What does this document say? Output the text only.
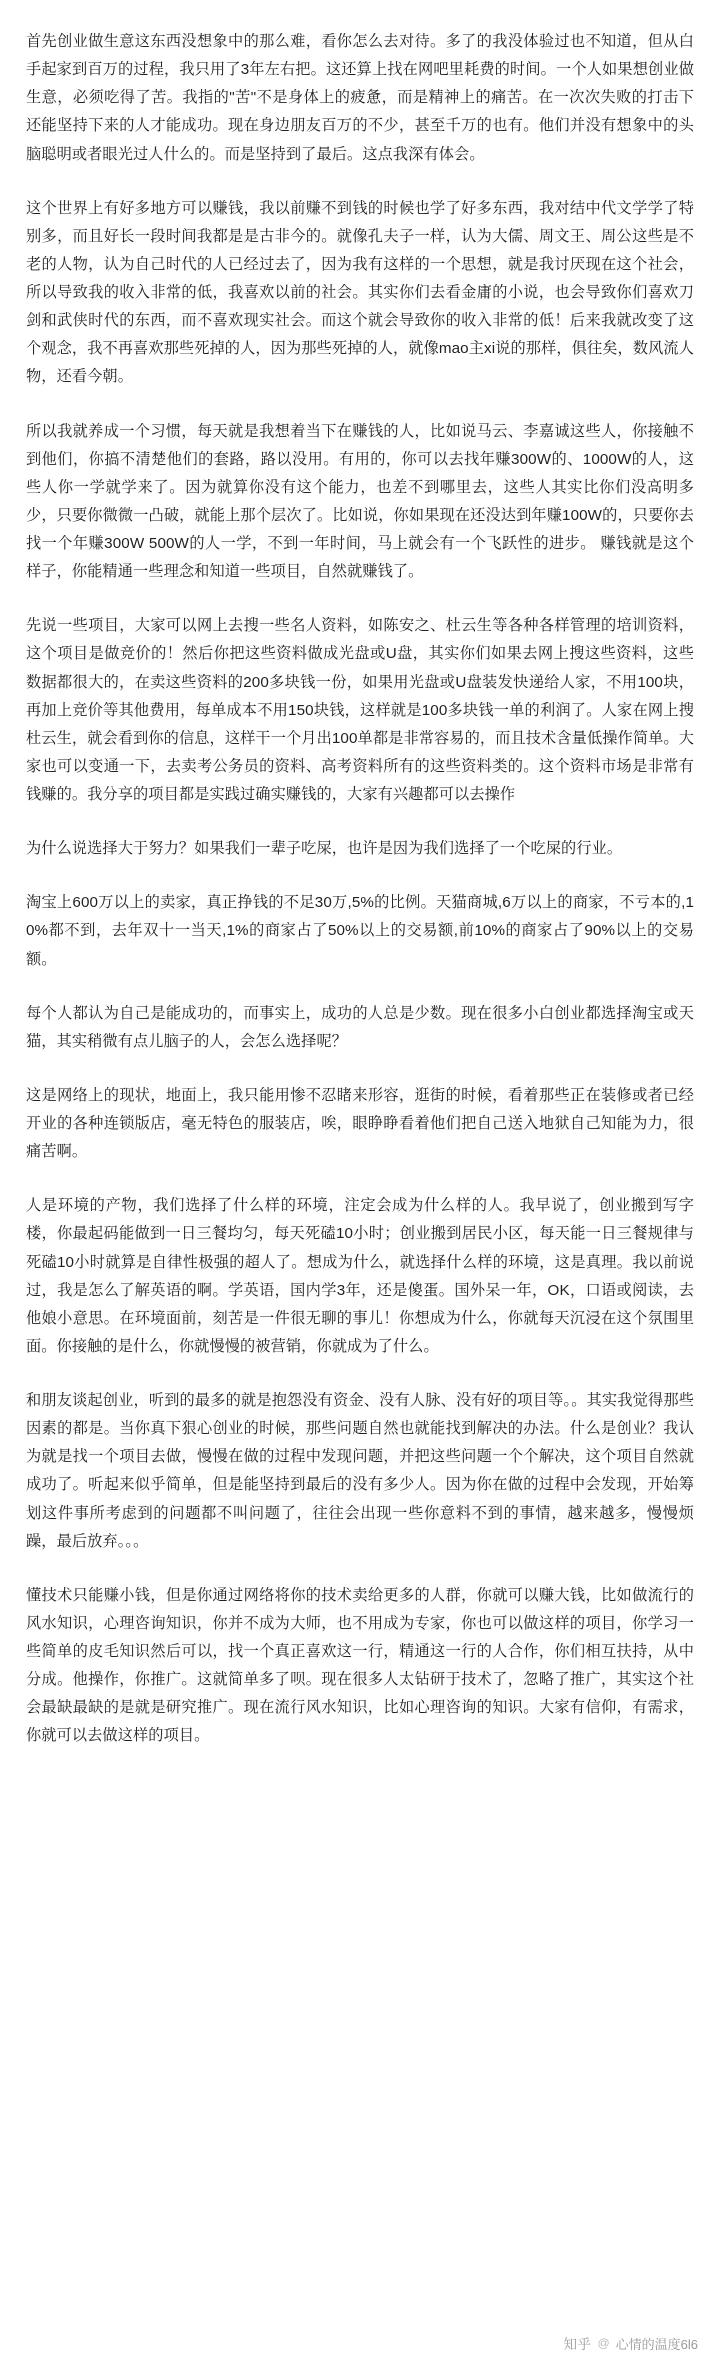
首先创业做生意这东西没想象中的那么难，看你怎么去对待。多了的我没体验过也不知道，但从白手起家到百万的过程，我只用了3年左右把。这还算上找在网吧里耗费的时间。一个人如果想创业做生意，必须吃得了苦。我指的"苦"不是身体上的疲惫，而是精神上的痛苦。在一次次失败的打击下还能坚持下来的人才能成功。现在身边朋友百万的不少，甚至千万的也有。他们并没有想象中的头脑聪明或者眼光过人什么的。而是坚持到了最后。这点我深有体会。

这个世界上有好多地方可以赚钱，我以前赚不到钱的时候也学了好多东西，我对结中代文学学了特别多，而且好长一段时间我都是是古非今的。就像孔夫子一样，认为大儒、周文王、周公这些是不老的人物，认为自己时代的人已经过去了，因为我有这样的一个思想，就是我讨厌现在这个社会，所以导致我的收入非常的低，我喜欢以前的社会。其实你们去看金庸的小说，也会导致你们喜欢刀剑和武侠时代的东西，而不喜欢现实社会。而这个就会导致你的收入非常的低！后来我就改变了这个观念，我不再喜欢那些死掉的人，因为那些死掉的人，就像mao主xi说的那样，俱往矣，数风流人物，还看今朝。

所以我就养成一个习惯，每天就是我想着当下在赚钱的人，比如说马云、李嘉诚这些人，你接触不到他们，你搞不清楚他们的套路，路以没用。有用的，你可以去找年赚300W的、1000W的人，这些人你一学就学来了。因为就算你没有这个能力，也差不到哪里去，这些人其实比你们没高明多少，只要你微微一凸破，就能上那个层次了。比如说，你如果现在还没达到年赚100W的，只要你去找一个年赚300W 500W的人一学，不到一年时间，马上就会有一个飞跃性的进步。 赚钱就是这个样子，你能精通一些理念和知道一些项目，自然就赚钱了。

先说一些项目，大家可以网上去搜一些名人资料，如陈安之、杜云生等各种各样管理的培训资料，这个项目是做竞价的！然后你把这些资料做成光盘或U盘，其实你们如果去网上搜这些资料，这些数据都很大的，在卖这些资料的200多块钱一份，如果用光盘或U盘装发快递给人家，不用100块，再加上竞价等其他费用，每单成本不用150块钱，这样就是100多块钱一单的利润了。人家在网上搜杜云生，就会看到你的信息，这样干一个月出100单都是非常容易的，而且技术含量低操作简单。大家也可以变通一下，去卖考公务员的资料、高考资料所有的这些资料类的。这个资料市场是非常有钱赚的。我分享的项目都是实践过确实赚钱的，大家有兴趣都可以去操作

为什么说选择大于努力？如果我们一辈子吃屎，也许是因为我们选择了一个吃屎的行业。

淘宝上600万以上的卖家，真正挣钱的不足30万,5%的比例。天猫商城,6万以上的商家，不亏本的,10%都不到，去年双十一当天,1%的商家占了50%以上的交易额,前10%的商家占了90%以上的交易额。

每个人都认为自己是能成功的，而事实上，成功的人总是少数。现在很多小白创业都选择淘宝或天猫，其实稍微有点儿脑子的人，会怎么选择呢？

这是网络上的现状，地面上，我只能用惨不忍睹来形容，逛街的时候，看着那些正在装修或者已经开业的各种连锁版店，毫无特色的服装店，唉，眼睁睁看着他们把自己送入地狱自己知能为力，很痛苦啊。

人是环境的产物，我们选择了什么样的环境，注定会成为什么样的人。我早说了，创业搬到写字楼，你最起码能做到一日三餐均匀，每天死磕10小时；创业搬到居民小区，每天能一日三餐规律与死磕10小时就算是自律性极强的超人了。想成为什么，就选择什么样的环境，这是真理。我以前说过，我是怎么了解英语的啊。学英语，国内学3年，还是傻蛋。国外呆一年，OK，口语或阅读，去他娘小意思。在环境面前，刻苦是一件很无聊的事儿！你想成为什么，你就每天沉浸在这个氛围里面。你接触的是什么，你就慢慢的被营销，你就成为了什么。

和朋友谈起创业，听到的最多的就是抱怨没有资金、没有人脉、没有好的项目等。。其实我觉得那些因素的都是。当你真下狠心创业的时候，那些问题自然也就能找到解决的办法。什么是创业？我认为就是找一个项目去做，慢慢在做的过程中发现问题，并把这些问题一个个解决，这个项目自然就成功了。听起来似乎简单，但是能坚持到最后的没有多少人。因为你在做的过程中会发现，开始筹划这件事所考虑到的问题都不叫问题了，往往会出现一些你意料不到的事情，越来越多，慢慢烦躁，最后放弃。。。

懂技术只能赚小钱，但是你通过网络将你的技术卖给更多的人群，你就可以赚大钱，比如做流行的风水知识，心理咨询知识，你并不成为大师，也不用成为专家，你也可以做这样的项目，你学习一些简单的皮毛知识然后可以，找一个真正喜欢这一行，精通这一行的人合作，你们相互扶持，从中分成。他操作，你推广。这就简单多了呗。现在很多人太钻研于技术了，忽略了推广，其实这个社会最缺最缺的是就是研究推广。现在流行风水知识，比如心理咨询的知识。大家有信仰，有需求，你就可以去做这样的项目。

知乎 @ 心情的温度6l6
